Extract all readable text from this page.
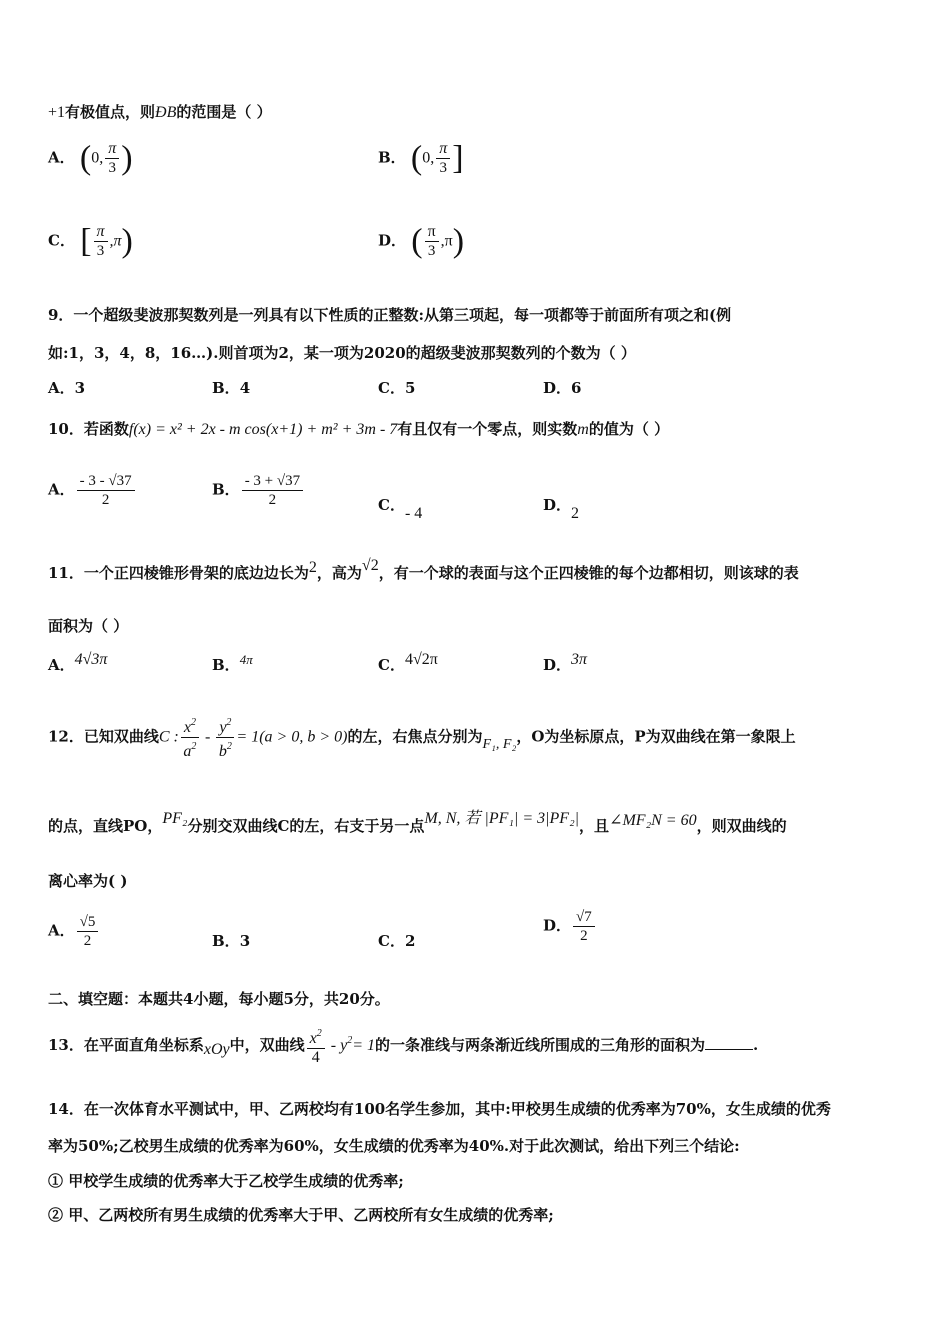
+1有极值点，则ÐB的范围是（ ）
A． (0, $\frac{\pi}{3}$ )	B． (0, $\frac{\pi}{3}$ ]
C． [ $\frac{\pi}{3} ,\pi$)	D． ( $\frac{\pi}{3} ,\pi$)
9．一个超级斐波那契数列是一列具有以下性质的正整数:从第三项起，每一项都等于前面所有项之和(例
如:1，3，4，8，16…).则首项为2，某一项为2020的超级斐波那契数列的个数为（ ）
A．3	B．4	C．5	D．6
10．若函数f(x) = x² + 2x - m cos(x+1) + m² + 3m - 7有且仅有一个零点，则实数m的值为（ ）
A． $\frac{- 3 - √37}{2}$	B． $\frac{- 3 + √37}{2}$	C．- 4	D．2
11．一个正四棱锥形骨架的底边边长为2，高为√2，有一个球的表面与这个正四棱锥的每个边都相切，则该球的表
面积为（ ）
A．4√3π	B．4π	C．4√2π	D．3π
12．已知双曲线C : $\frac{x^2}{a^2} - \frac{y^2}{b^2} = 1(a > 0$, b > 0)的左，右焦点分别为F₁, F₂，O为坐标原点，P为双曲线在第一象限上
的点，直线PO，PF₂分别交双曲线C的左，右支于另一点M, N, 若 |PF₁| = 3|PF₂|，且∠MF₂N = 60，则双曲线的
离心率为( )
A． $\frac{√5}{2}$	B．3	C．2
D． $\frac{√7}{2}$
二、填空题：本题共4小题，每小题5分，共20分。
13．在平面直角坐标系xOy中，双曲线 $\frac{x^2}{4} - y^2= 1$的一条准线与两条渐近线所围成的三角形的面积为	.
14．在一次体育水平测试中，甲、乙两校均有100名学生参加，其中:甲校男生成绩的优秀率为70%，女生成绩的优秀
率为50%;乙校男生成绩的优秀率为60%，女生成绩的优秀率为40%.对于此次测试，给出下列三个结论:
① 甲校学生成绩的优秀率大于乙校学生成绩的优秀率;
② 甲、乙两校所有男生成绩的优秀率大于甲、乙两校所有女生成绩的优秀率;
